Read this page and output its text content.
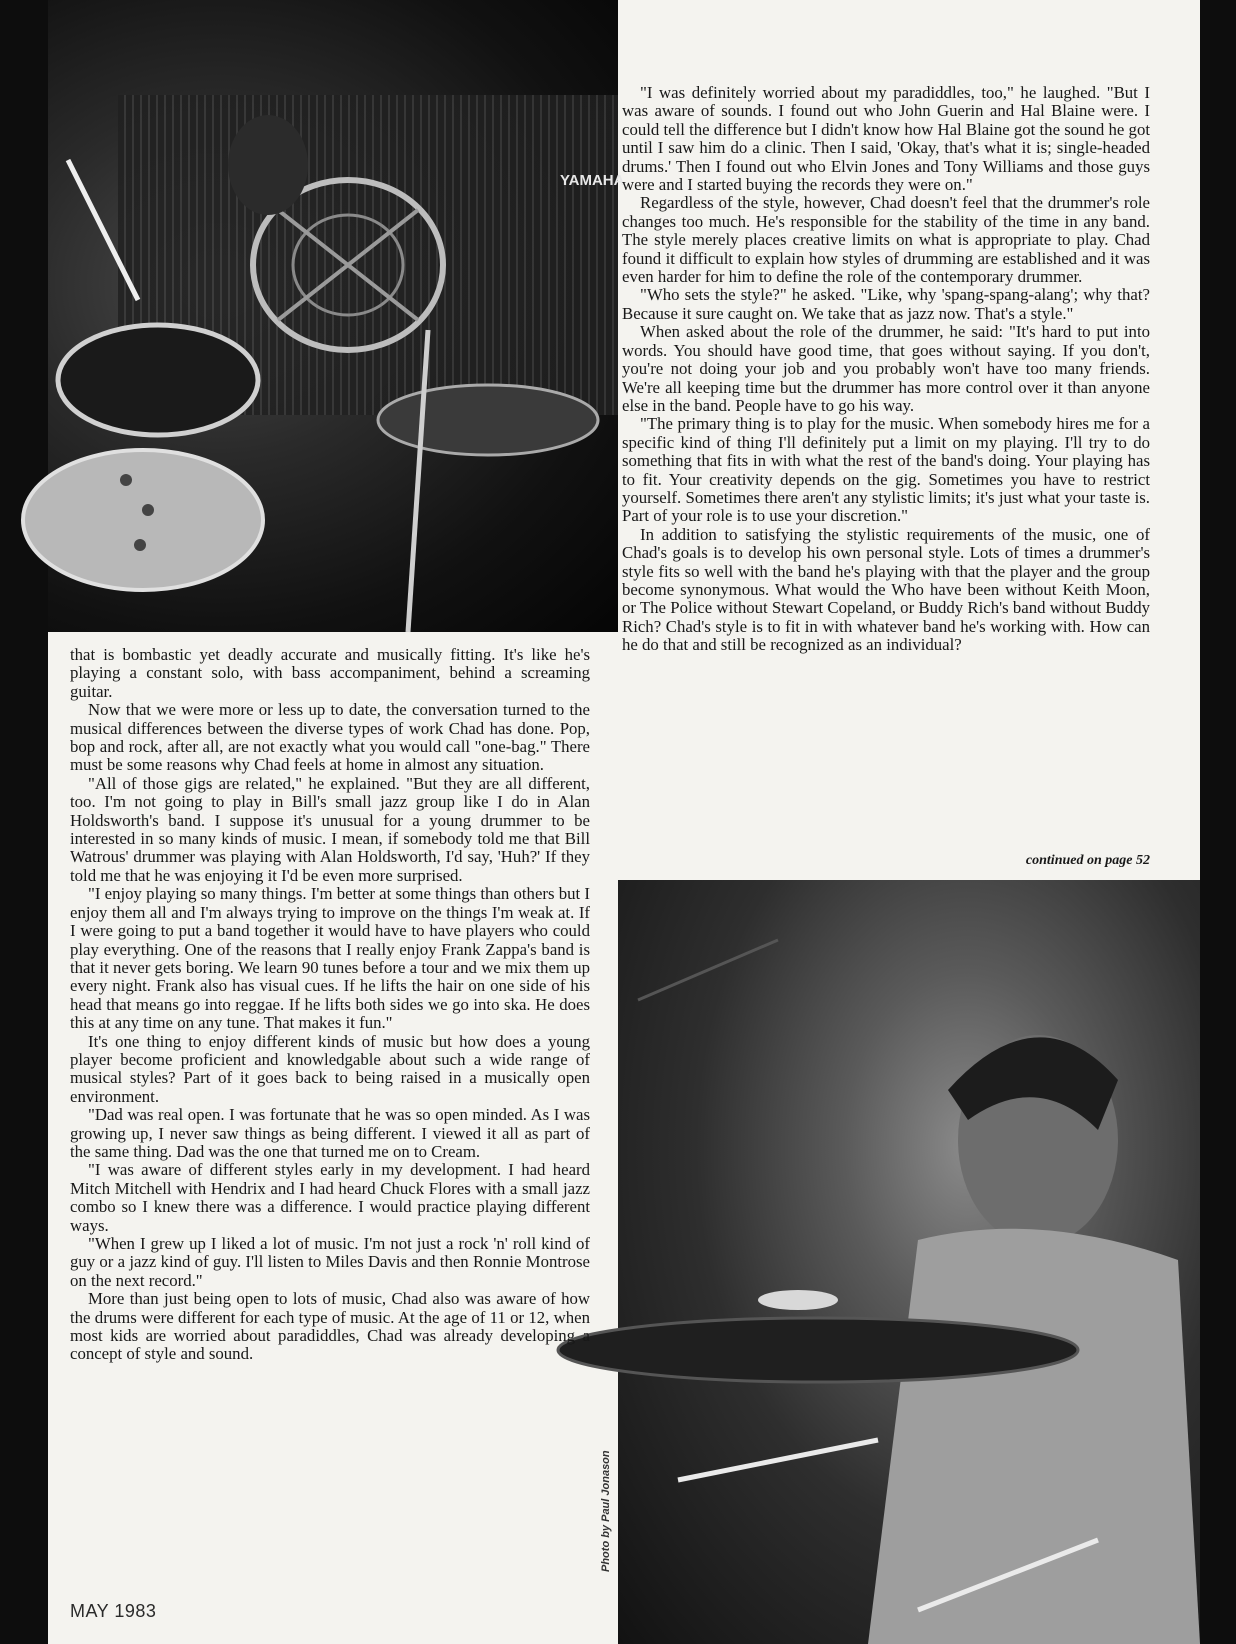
YAMAHA

that is bombastic yet deadly accurate and musically fitting. It's like he's playing a constant solo, with bass accompaniment, behind a screaming guitar.

Now that we were more or less up to date, the conversation turned to the musical differences between the diverse types of work Chad has done. Pop, bop and rock, after all, are not exactly what you would call "one-bag." There must be some reasons why Chad feels at home in almost any situation.

"All of those gigs are related," he explained. "But they are all different, too. I'm not going to play in Bill's small jazz group like I do in Alan Holdsworth's band. I suppose it's unusual for a young drummer to be interested in so many kinds of music. I mean, if somebody told me that Bill Watrous' drummer was playing with Alan Holdsworth, I'd say, 'Huh?' If they told me that he was enjoying it I'd be even more surprised.

"I enjoy playing so many things. I'm better at some things than others but I enjoy them all and I'm always trying to improve on the things I'm weak at. If I were going to put a band together it would have to have players who could play everything. One of the reasons that I really enjoy Frank Zappa's band is that it never gets boring. We learn 90 tunes before a tour and we mix them up every night. Frank also has visual cues. If he lifts the hair on one side of his head that means go into reggae. If he lifts both sides we go into ska. He does this at any time on any tune. That makes it fun."

It's one thing to enjoy different kinds of music but how does a young player become proficient and knowledgable about such a wide range of musical styles? Part of it goes back to being raised in a musically open environment.

"Dad was real open. I was fortunate that he was so open minded. As I was growing up, I never saw things as being different. I viewed it all as part of the same thing. Dad was the one that turned me on to Cream.

"I was aware of different styles early in my development. I had heard Mitch Mitchell with Hendrix and I had heard Chuck Flores with a small jazz combo so I knew there was a difference. I would practice playing different ways.

"When I grew up I liked a lot of music. I'm not just a rock 'n' roll kind of guy or a jazz kind of guy. I'll listen to Miles Davis and then Ronnie Montrose on the next record."

More than just being open to lots of music, Chad also was aware of how the drums were different for each type of music. At the age of 11 or 12, when most kids are worried about paradiddles, Chad was already developing a concept of style and sound.

"I was definitely worried about my paradiddles, too," he laughed. "But I was aware of sounds. I found out who John Guerin and Hal Blaine were. I could tell the difference but I didn't know how Hal Blaine got the sound he got until I saw him do a clinic. Then I said, 'Okay, that's what it is; single-headed drums.' Then I found out who Elvin Jones and Tony Williams and those guys were and I started buying the records they were on."

Regardless of the style, however, Chad doesn't feel that the drummer's role changes too much. He's responsible for the stability of the time in any band. The style merely places creative limits on what is appropriate to play. Chad found it difficult to explain how styles of drumming are established and it was even harder for him to define the role of the contemporary drummer.

"Who sets the style?" he asked. "Like, why 'spang-spang-alang'; why that? Because it sure caught on. We take that as jazz now. That's a style."

When asked about the role of the drummer, he said: "It's hard to put into words. You should have good time, that goes without saying. If you don't, you're not doing your job and you probably won't have too many friends. We're all keeping time but the drummer has more control over it than anyone else in the band. People have to go his way.

"The primary thing is to play for the music. When somebody hires me for a specific kind of thing I'll definitely put a limit on my playing. I'll try to do something that fits in with what the rest of the band's doing. Your playing has to fit. Your creativity depends on the gig. Sometimes you have to restrict yourself. Sometimes there aren't any stylistic limits; it's just what your taste is. Part of your role is to use your discretion."

In addition to satisfying the stylistic requirements of the music, one of Chad's goals is to develop his own personal style. Lots of times a drummer's style fits so well with the band he's playing with that the player and the group become synonymous. What would the Who have been without Keith Moon, or The Police without Stewart Copeland, or Buddy Rich's band without Buddy Rich? Chad's style is to fit in with whatever band he's working with. How can he do that and still be recognized as an individual?

continued on page 52
MAY 1983
Photo by Paul Jonason
